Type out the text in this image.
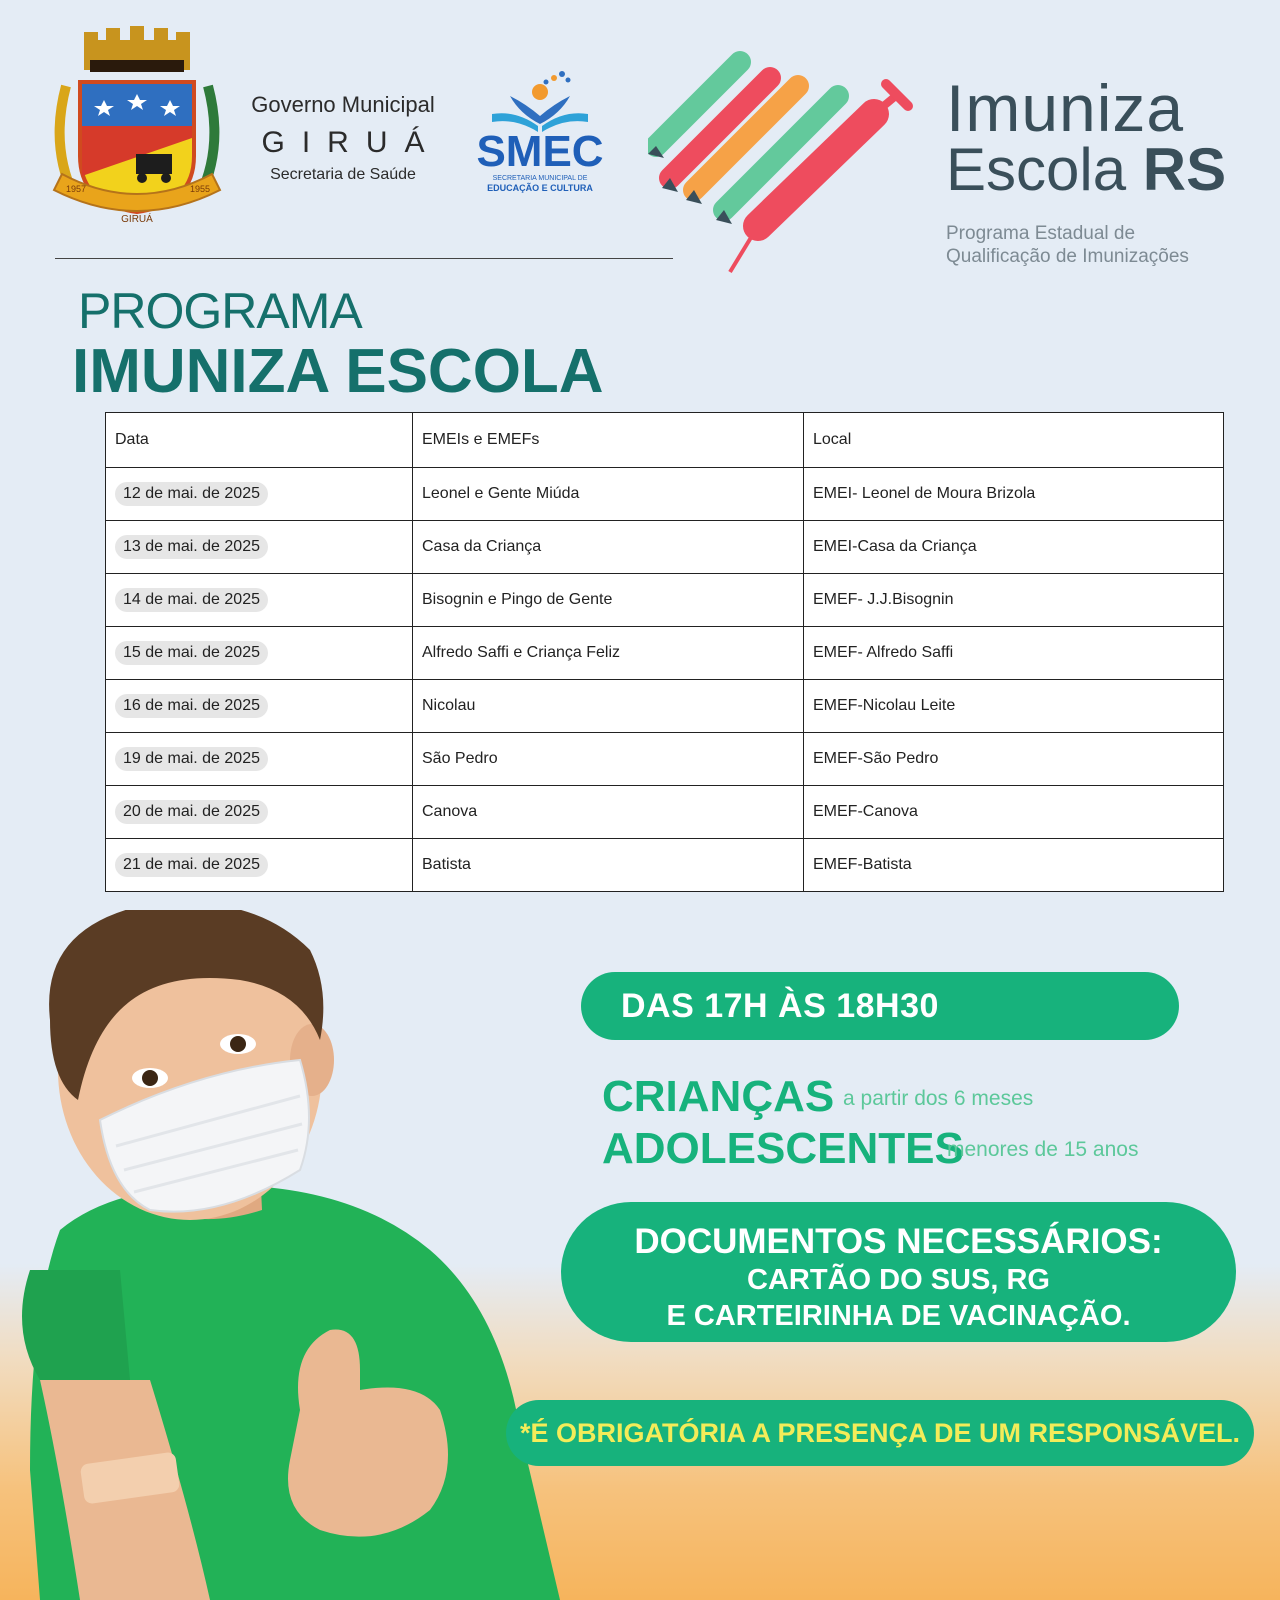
GIRUÁ
1957	1955
Governo Municipal
GIRUÁ
Secretaria de Saúde	SMEC
SECRETARIA MUNICIPAL DE
EDUCAÇÃO E CULTURA
Imuniza
Escola RS
Programa Estadual de
Qualificação de Imunizações
PROGRAMA
IMUNIZA ESCOLA
Data	EMEIs e EMEFs	Local
12 de mai. de 2025	Leonel e Gente Miúda	EMEI- Leonel de Moura Brizola
13 de mai. de 2025	Casa da Criança	EMEI-Casa da Criança
14 de mai. de 2025	Bisognin e Pingo de Gente	EMEF- J.J.Bisognin
15 de mai. de 2025	Alfredo Saffi e Criança Feliz	EMEF- Alfredo Saffi
16 de mai. de 2025	Nicolau	EMEF-Nicolau Leite
19 de mai. de 2025	São Pedro	EMEF-São Pedro
20 de mai. de 2025	Canova	EMEF-Canova
21 de mai. de 2025	Batista	EMEF-Batista
DAS 17H ÀS 18H30
CRIANÇAS a partir dos 6 meses
ADOLESCENTES
menores de 15 anos
DOCUMENTOS NECESSÁRIOS:
CARTÃO DO SUS, RG
E CARTEIRINHA DE VACINAÇÃO.
*É OBRIGATÓRIA A PRESENÇA DE UM RESPONSÁVEL.
